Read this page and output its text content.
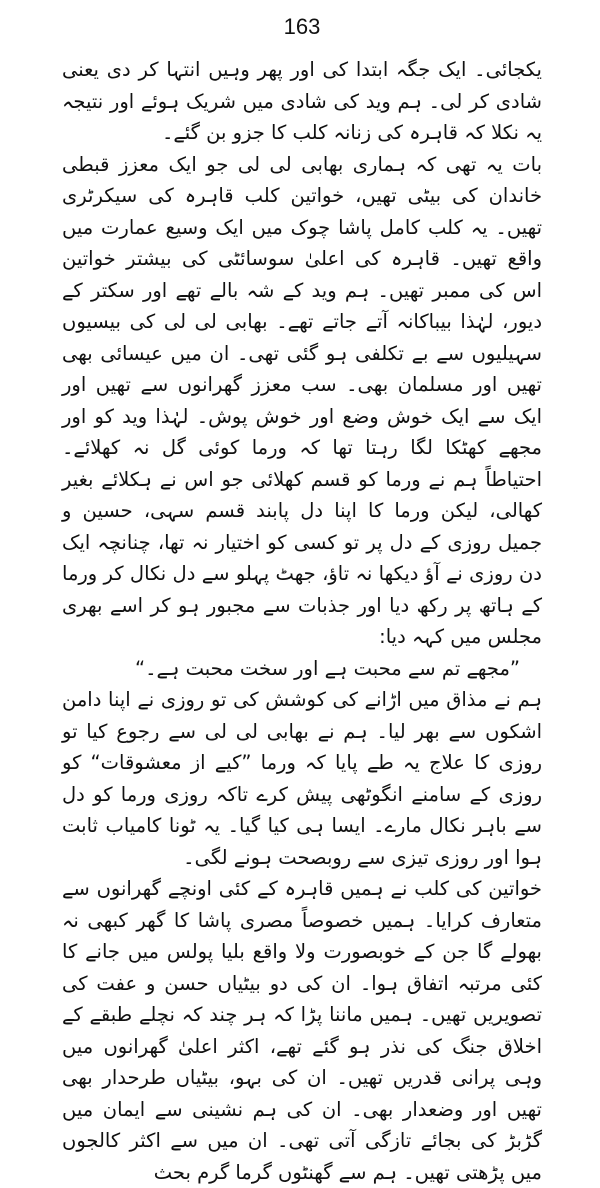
163

یکجائی۔ ایک جگہ ابتدا کی اور پھر وہیں انتہا کر دی یعنی شادی کر لی۔ ہم وید کی شادی میں شریک ہوئے اور نتیجہ یہ نکلا کہ قاہرہ کی زنانہ کلب کا جزو بن گئے۔

بات یہ تھی کہ ہماری بھابی لی لی جو ایک معزز قبطی خاندان کی بیٹی تھیں، خواتین کلب قاہرہ کی سیکرٹری تھیں۔ یہ کلب کامل پاشا چوک میں ایک وسیع عمارت میں واقع تھیں۔ قاہرہ کی اعلیٰ سوسائٹی کی بیشتر خواتین اس کی ممبر تھیں۔ ہم وید کے شہ بالے تھے اور سکتر کے دیور، لہٰذا بیباکانہ آتے جاتے تھے۔ بھابی لی لی کی بیسیوں سہیلیوں سے بے تکلفی ہو گئی تھی۔ ان میں عیسائی بھی تھیں اور مسلمان بھی۔ سب معزز گھرانوں سے تھیں اور ایک سے ایک خوش وضع اور خوش پوش۔ لہٰذا وید کو اور مجھے کھٹکا لگا رہتا تھا کہ ورما کوئی گل نہ کھلائے۔ احتیاطاً ہم نے ورما کو قسم کھلائی جو اس نے ہکلائے بغیر کھالی، لیکن ورما کا اپنا دل پابند قسم سہی، حسین و جمیل روزی کے دل پر تو کسی کو اختیار نہ تھا، چنانچہ ایک دن روزی نے آؤ دیکھا نہ تاؤ، جھٹ پہلو سے دل نکال کر ورما کے ہاتھ پر رکھ دیا اور جذبات سے مجبور ہو کر اسے بھری مجلس میں کہہ دیا:

”مجھے تم سے محبت ہے اور سخت محبت ہے۔“

ہم نے مذاق میں اڑانے کی کوشش کی تو روزی نے اپنا دامن اشکوں سے بھر لیا۔ ہم نے بھابی لی لی سے رجوع کیا تو روزی کا علاج یہ طے پایا کہ ورما ”کیے از معشوقات“ کو روزی کے سامنے انگوٹھی پیش کرے تاکہ روزی ورما کو دل سے باہر نکال مارے۔ ایسا ہی کیا گیا۔ یہ ٹونا کامیاب ثابت ہوا اور روزی تیزی سے روبصحت ہونے لگی۔

خواتین کی کلب نے ہمیں قاہرہ کے کئی اونچے گھرانوں سے متعارف کرایا۔ ہمیں خصوصاً مصری پاشا کا گھر کبھی نہ بھولے گا جن کے خوبصورت ولا واقع بلیا پولس میں جانے کا کئی مرتبہ اتفاق ہوا۔ ان کی دو بیٹیاں حسن و عفت کی تصویریں تھیں۔ ہمیں ماننا پڑا کہ ہر چند کہ نچلے طبقے کے اخلاق جنگ کی نذر ہو گئے تھے، اکثر اعلیٰ گھرانوں میں وہی پرانی قدریں تھیں۔ ان کی بہو، بیٹیاں طرحدار بھی تھیں اور وضعدار بھی۔ ان کی ہم نشینی سے ایمان میں گڑبڑ کی بجائے تازگی آتی تھی۔ ان میں سے اکثر کالجوں میں پڑھتی تھیں۔ ہم سے گھنٹوں گرما گرم بحث
